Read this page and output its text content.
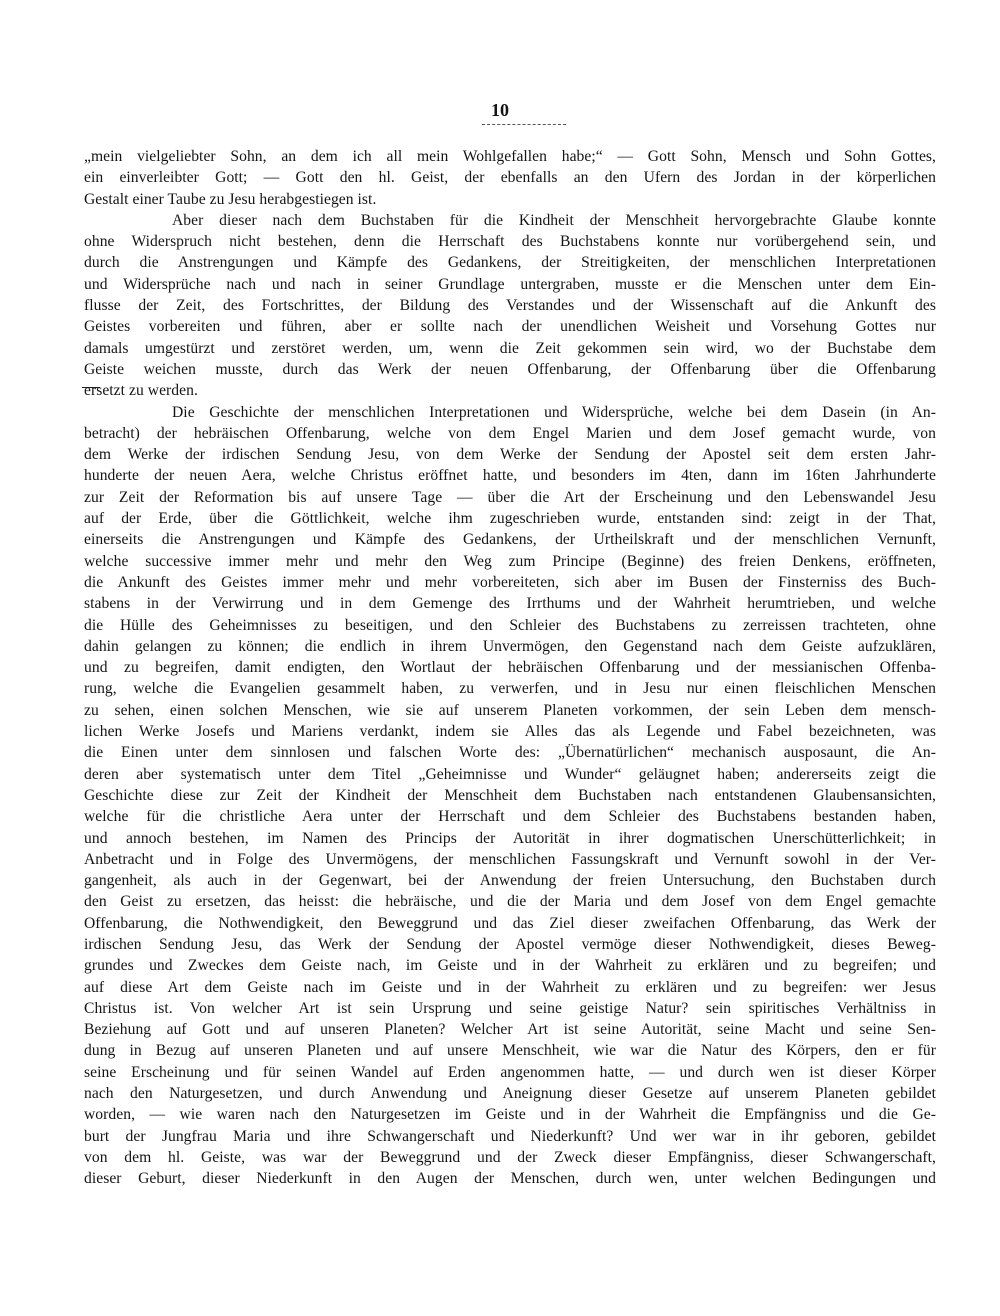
10
„mein vielgeliebter Sohn, an dem ich all mein Wohlgefallen habe;“ — Gott Sohn, Mensch und Sohn Gottes,
ein einverleibter Gott; — Gott den hl. Geist, der ebenfalls an den Ufern des Jordan in der körperlichen
Gestalt einer Taube zu Jesu herabgestiegen ist.
Aber dieser nach dem Buchstaben für die Kindheit der Menschheit hervorgebrachte Glaube konnte
ohne Widerspruch nicht bestehen, denn die Herrschaft des Buchstabens konnte nur vorübergehend sein, und
durch die Anstrengungen und Kämpfe des Gedankens, der Streitigkeiten, der menschlichen Interpretationen
und Widersprüche nach und nach in seiner Grundlage untergraben, musste er die Menschen unter dem Ein-
flusse der Zeit, des Fortschrittes, der Bildung des Verstandes und der Wissenschaft auf die Ankunft des
Geistes vorbereiten und führen, aber er sollte nach der unendlichen Weisheit und Vorsehung Gottes nur
damals umgestürzt und zerstöret werden, um, wenn die Zeit gekommen sein wird, wo der Buchstabe dem
Geiste weichen musste, durch das Werk der neuen Offenbarung, der Offenbarung über die Offenbarung
ersetzt zu werden.
Die Geschichte der menschlichen Interpretationen und Widersprüche, welche bei dem Dasein (in An-
betracht) der hebräischen Offenbarung, welche von dem Engel Marien und dem Josef gemacht wurde, von
dem Werke der irdischen Sendung Jesu, von dem Werke der Sendung der Apostel seit dem ersten Jahr-
hunderte der neuen Aera, welche Christus eröffnet hatte, und besonders im 4ten, dann im 16ten Jahrhunderte
zur Zeit der Reformation bis auf unsere Tage — über die Art der Erscheinung und den Lebenswandel Jesu
auf der Erde, über die Göttlichkeit, welche ihm zugeschrieben wurde, entstanden sind: zeigt in der That,
einerseits die Anstrengungen und Kämpfe des Gedankens, der Urtheilskraft und der menschlichen Vernunft,
welche successive immer mehr und mehr den Weg zum Principe (Beginne) des freien Denkens, eröffneten,
die Ankunft des Geistes immer mehr und mehr vorbereiteten, sich aber im Busen der Finsterniss des Buch-
stabens in der Verwirrung und in dem Gemenge des Irrthums und der Wahrheit herumtrieben, und welche
die Hülle des Geheimnisses zu beseitigen, und den Schleier des Buchstabens zu zerreissen trachteten, ohne
dahin gelangen zu können; die endlich in ihrem Unvermögen, den Gegenstand nach dem Geiste aufzuklären,
und zu begreifen, damit endigten, den Wortlaut der hebräischen Offenbarung und der messianischen Offenba-
rung, welche die Evangelien gesammelt haben, zu verwerfen, und in Jesu nur einen fleischlichen Menschen
zu sehen, einen solchen Menschen, wie sie auf unserem Planeten vorkommen, der sein Leben dem mensch-
lichen Werke Josefs und Mariens verdankt, indem sie Alles das als Legende und Fabel bezeichneten, was
die Einen unter dem sinnlosen und falschen Worte des: „Übernatürlichen“ mechanisch ausposaunt, die An-
deren aber systematisch unter dem Titel „Geheimnisse und Wunder“ geläugnet haben; andererseits zeigt die
Geschichte diese zur Zeit der Kindheit der Menschheit dem Buchstaben nach entstandenen Glaubensansichten,
welche für die christliche Aera unter der Herrschaft und dem Schleier des Buchstabens bestanden haben,
und annoch bestehen, im Namen des Princips der Autorität in ihrer dogmatischen Unerschütterlichkeit; in
Anbetracht und in Folge des Unvermögens, der menschlichen Fassungskraft und Vernunft sowohl in der Ver-
gangenheit, als auch in der Gegenwart, bei der Anwendung der freien Untersuchung, den Buchstaben durch
den Geist zu ersetzen, das heisst: die hebräische, und die der Maria und dem Josef von dem Engel gemachte
Offenbarung, die Nothwendigkeit, den Beweggrund und das Ziel dieser zweifachen Offenbarung, das Werk der
irdischen Sendung Jesu, das Werk der Sendung der Apostel vermöge dieser Nothwendigkeit, dieses Beweg-
grundes und Zweckes dem Geiste nach, im Geiste und in der Wahrheit zu erklären und zu begreifen; und
auf diese Art dem Geiste nach im Geiste und in der Wahrheit zu erklären und zu begreifen: wer Jesus
Christus ist. Von welcher Art ist sein Ursprung und seine geistige Natur? sein spiritisches Verhältniss in
Beziehung auf Gott und auf unseren Planeten? Welcher Art ist seine Autorität, seine Macht und seine Sen-
dung in Bezug auf unseren Planeten und auf unsere Menschheit, wie war die Natur des Körpers, den er für
seine Erscheinung und für seinen Wandel auf Erden angenommen hatte, — und durch wen ist dieser Körper
nach den Naturgesetzen, und durch Anwendung und Aneignung dieser Gesetze auf unserem Planeten gebildet
worden, — wie waren nach den Naturgesetzen im Geiste und in der Wahrheit die Empfängniss und die Ge-
burt der Jungfrau Maria und ihre Schwangerschaft und Niederkunft? Und wer war in ihr geboren, gebildet
von dem hl. Geiste, was war der Beweggrund und der Zweck dieser Empfängniss, dieser Schwangerschaft,
dieser Geburt, dieser Niederkunft in den Augen der Menschen, durch wen, unter welchen Bedingungen und
